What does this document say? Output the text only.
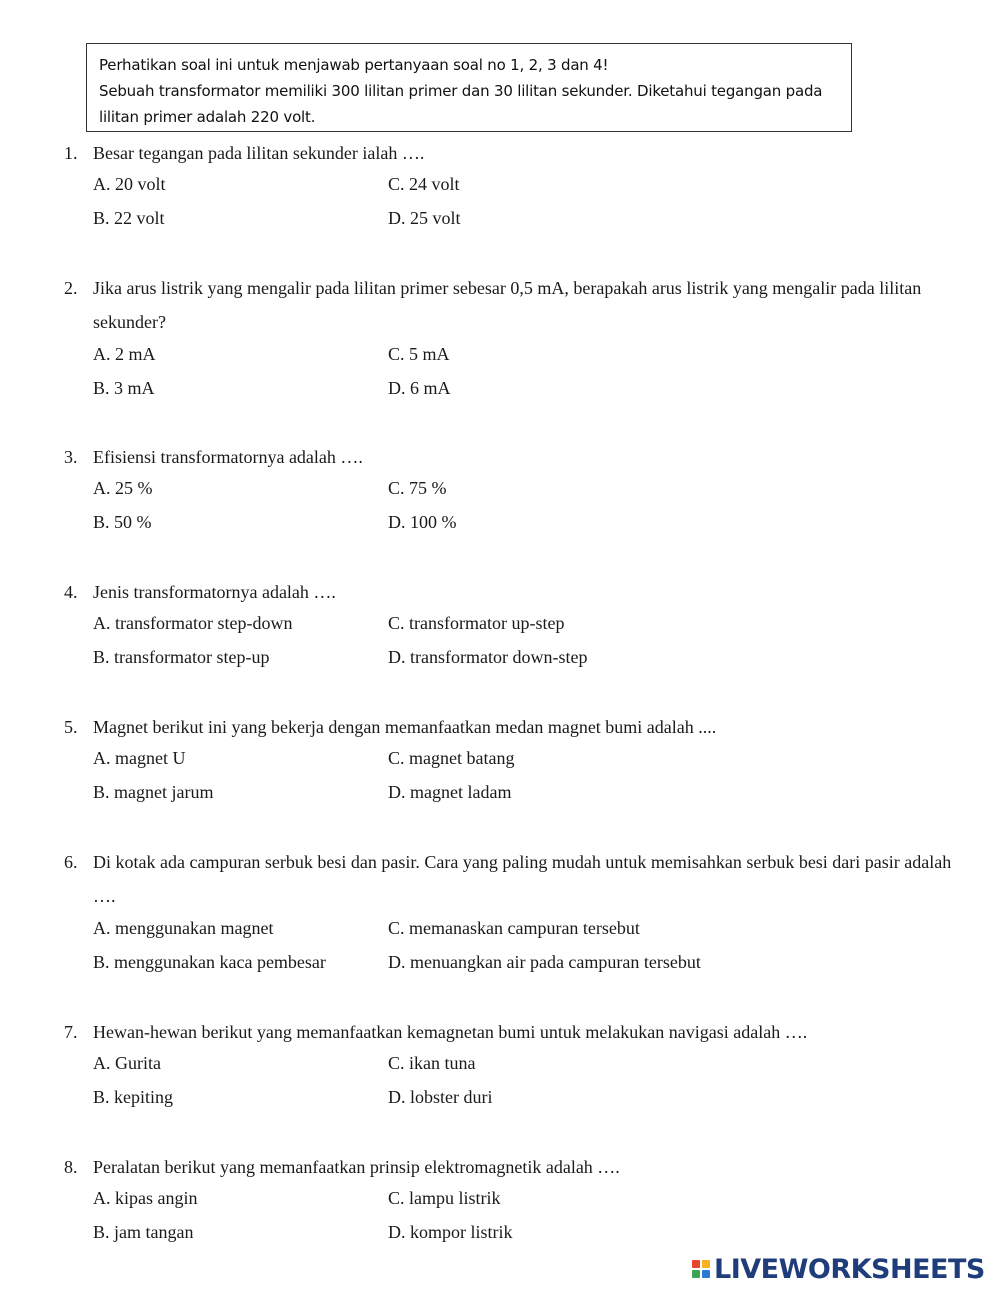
Perhatikan soal ini untuk menjawab pertanyaan soal no 1, 2, 3 dan 4!
Sebuah transformator memiliki 300 lilitan primer dan 30 lilitan sekunder. Diketahui tegangan pada
lilitan primer adalah 220 volt.
1. Besar tegangan pada lilitan sekunder ialah ….
A. 20 volt	C. 24 volt
B. 22 volt	D. 25 volt
2. Jika arus listrik yang mengalir pada lilitan primer sebesar 0,5 mA, berapakah arus listrik yang mengalir pada lilitan sekunder?
A. 2 mA	C. 5 mA
B. 3 mA	D. 6 mA
3. Efisiensi transformatornya adalah ….
A. 25 %	C. 75 %
B. 50 %	D. 100 %
4. Jenis transformatornya adalah ….
A. transformator step-down	C. transformator up-step
B. transformator step-up	D. transformator down-step
5. Magnet berikut ini yang bekerja dengan memanfaatkan medan magnet bumi adalah ....
A. magnet U	C. magnet batang
B. magnet jarum	D. magnet ladam
6. Di kotak ada campuran serbuk besi dan pasir. Cara yang paling mudah untuk memisahkan serbuk besi dari pasir adalah ….
A. menggunakan magnet	C. memanaskan campuran tersebut
B. menggunakan kaca pembesar	D. menuangkan air pada campuran tersebut
7. Hewan-hewan berikut yang memanfaatkan kemagnetan bumi untuk melakukan navigasi adalah ….
A. Gurita	C. ikan tuna
B. kepiting	D. lobster duri
8. Peralatan berikut yang memanfaatkan prinsip elektromagnetik adalah ….
A. kipas angin	C. lampu listrik
B. jam tangan	D. kompor listrik
LIVEWORKSHEETS
